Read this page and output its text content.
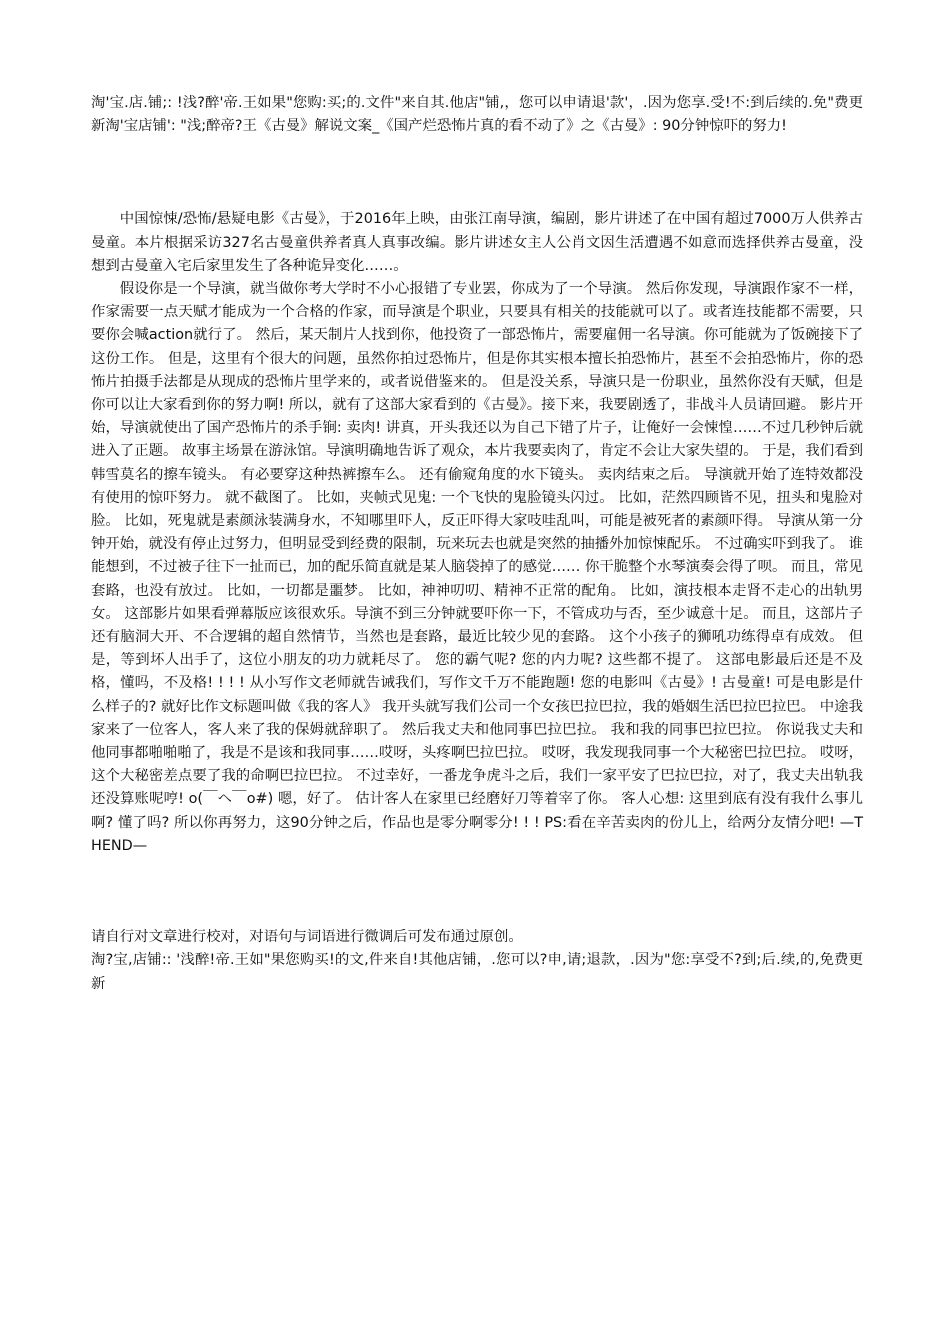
淘'宝.店.铺;: !浅?醉'帝.王如果"您购:买;的.文件"来自其.他店"铺,，您可以申请退'款'，.因为您享.受!不:到后续的.免"费更新淘'宝店铺': "浅;醉帝?王《古曼》解说文案_《国产烂恐怖片真的看不动了》之《古曼》: 90分钟惊吓的努力!

中国惊悚/恐怖/悬疑电影《古曼》，于2016年上映，由张江南导演，编剧，影片讲述了在中国有超过7000万人供养古曼童。本片根据采访327名古曼童供养者真人真事改编。影片讲述女主人公肖文因生活遭遇不如意而选择供养古曼童，没想到古曼童入宅后家里发生了各种诡异变化……。

假设你是一个导演，就当做你考大学时不小心报错了专业罢，你成为了一个导演。 然后你发现，导演跟作家不一样，作家需要一点天赋才能成为一个合格的作家，而导演是个职业，只要具有相关的技能就可以了。或者连技能都不需要，只要你会喊action就行了。 然后，某天制片人找到你，他投资了一部恐怖片，需要雇佣一名导演。你可能就为了饭碗接下了这份工作。 但是，这里有个很大的问题，虽然你拍过恐怖片，但是你其实根本擅长拍恐怖片，甚至不会拍恐怖片，你的恐怖片拍摄手法都是从现成的恐怖片里学来的，或者说借鉴来的。 但是没关系，导演只是一份职业，虽然你没有天赋，但是你可以让大家看到你的努力啊! 所以，就有了这部大家看到的《古曼》。接下来，我要剧透了，非战斗人员请回避。 影片开始，导演就使出了国产恐怖片的杀手锏: 卖肉! 讲真，开头我还以为自己下错了片子，让俺好一会悚惶……不过几秒钟后就进入了正题。 故事主场景在游泳馆。导演明确地告诉了观众，本片我要卖肉了，肯定不会让大家失望的。 于是，我们看到韩雪莫名的擦车镜头。 有必要穿这种热裤擦车么。 还有偷窥角度的水下镜头。 卖肉结束之后。 导演就开始了连特效都没有使用的惊吓努力。 就不截图了。 比如，夹帧式见鬼: 一个飞快的鬼脸镜头闪过。 比如，茫然四顾皆不见，扭头和鬼脸对脸。 比如，死鬼就是素颜泳装满身水，不知哪里吓人，反正吓得大家吱哇乱叫，可能是被死者的素颜吓得。 导演从第一分钟开始，就没有停止过努力，但明显受到经费的限制，玩来玩去也就是突然的抽播外加惊悚配乐。 不过确实吓到我了。 谁能想到，不过被子往下一扯而已，加的配乐简直就是某人脑袋掉了的感觉…… 你干脆整个水琴演奏会得了呗。 而且，常见套路，也没有放过。 比如，一切都是噩梦。 比如，神神叨叨、精神不正常的配角。 比如，演技根本走肾不走心的出轨男女。 这部影片如果看弹幕版应该很欢乐。导演不到三分钟就要吓你一下，不管成功与否，至少诚意十足。 而且，这部片子还有脑洞大开、不合逻辑的超自然情节，当然也是套路，最近比较少见的套路。 这个小孩子的狮吼功练得卓有成效。 但是，等到坏人出手了，这位小朋友的功力就耗尽了。 您的霸气呢? 您的内力呢? 这些都不提了。 这部电影最后还是不及格，懂吗，不及格! ! ! ! 从小写作文老师就告诫我们，写作文千万不能跑题! 您的电影叫《古曼》! 古曼童! 可是电影是什么样子的? 就好比作文标题叫做《我的客人》 我开头就写我们公司一个女孩巴拉巴拉，我的婚姻生活巴拉巴拉巴。 中途我家来了一位客人，客人来了我的保姆就辞职了。 然后我丈夫和他同事巴拉巴拉。 我和我的同事巴拉巴拉。 你说我丈夫和他同事都啪啪啪了，我是不是该和我同事……哎呀，头疼啊巴拉巴拉。 哎呀，我发现我同事一个大秘密巴拉巴拉。 哎呀，这个大秘密差点要了我的命啊巴拉巴拉。 不过幸好，一番龙争虎斗之后，我们一家平安了巴拉巴拉，对了，我丈夫出轨我还没算账呢哼! o(￣ヘ￣o#) 嗯，好了。 估计客人在家里已经磨好刀等着宰了你。 客人心想: 这里到底有没有我什么事儿啊? 懂了吗? 所以你再努力，这90分钟之后，作品也是零分啊零分! ! ! PS:看在辛苦卖肉的份儿上，给两分友情分吧! —THEND—

请自行对文章进行校对，对语句与词语进行微调后可发布通过原创。

淘?宝,店铺:: '浅醉!帝.王如"果您购买!的文,件来自!其他店铺，.您可以?申,请;退款，.因为"您:享受不?到;后.续,的,免费更新
